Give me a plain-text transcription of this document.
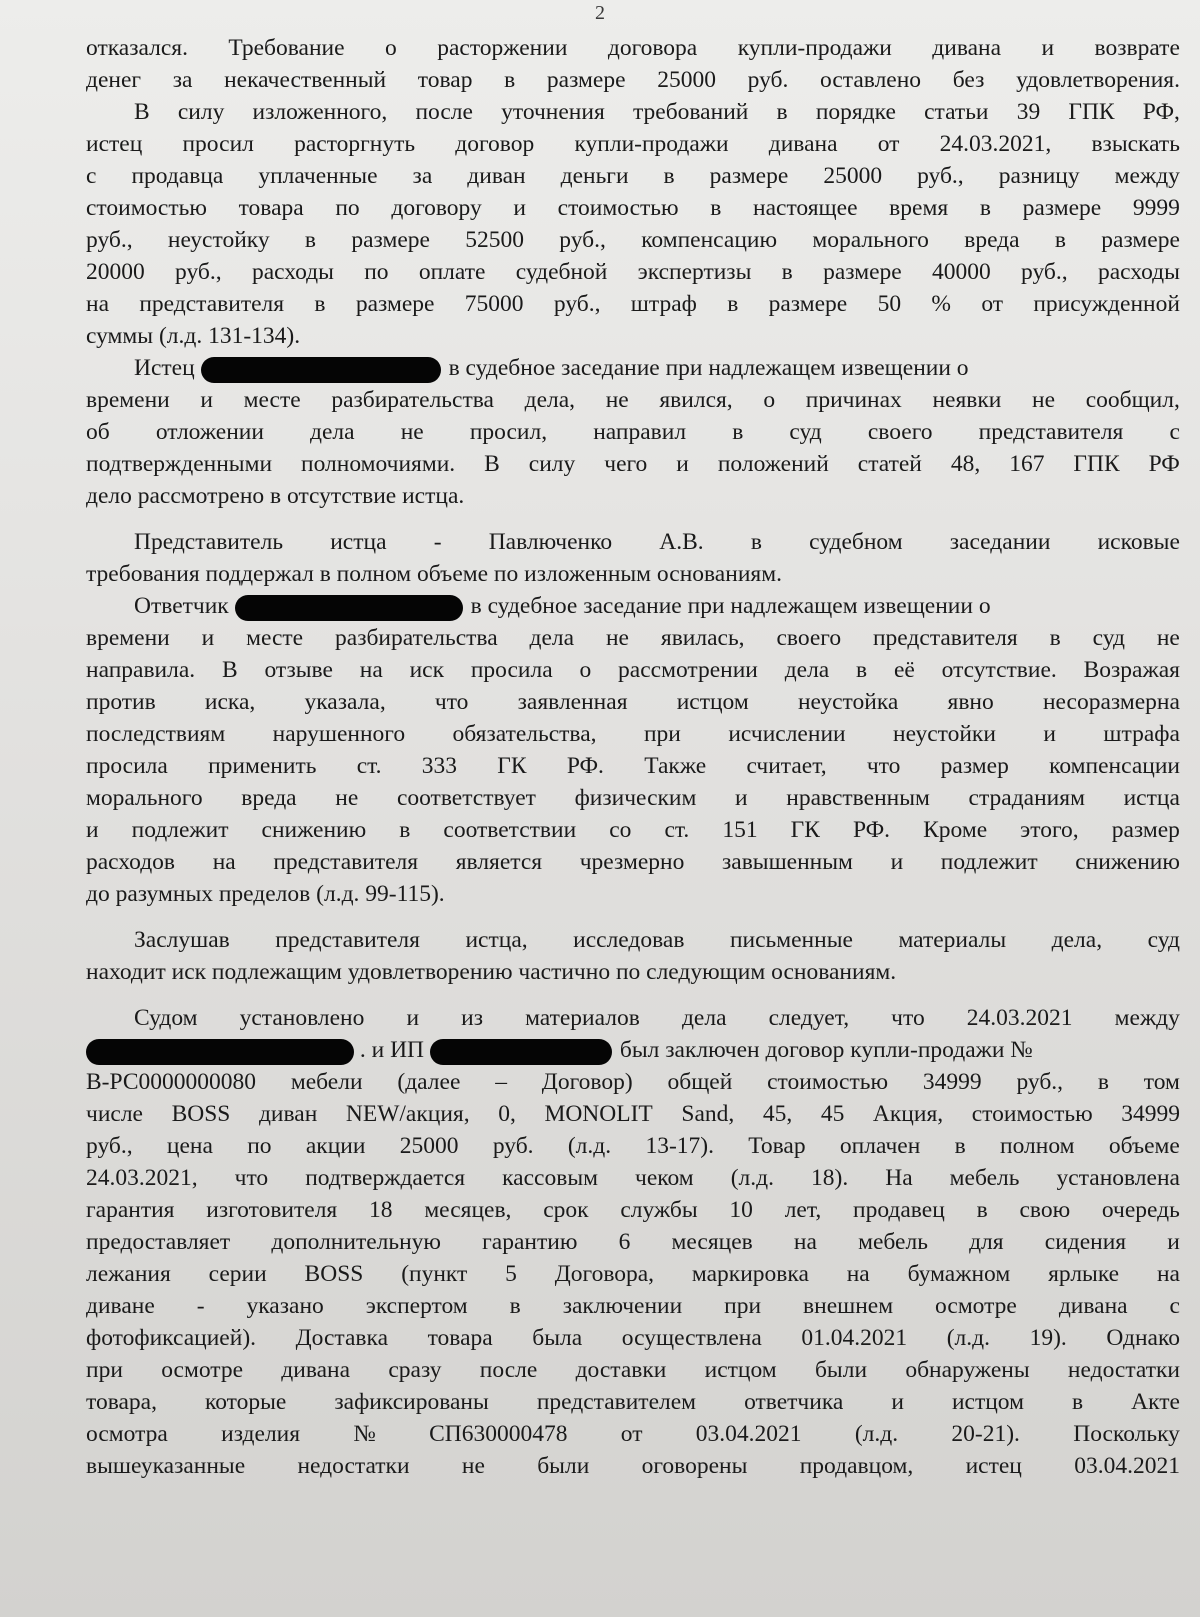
2
отказался. Требование о расторжении договора купли-продажи дивана и возврате
денег за некачественный товар в размере 25000 руб. оставлено без удовлетворения.
В силу изложенного, после уточнения требований в порядке статьи 39 ГПК РФ,
истец просил расторгнуть договор купли-продажи дивана от 24.03.2021, взыскать
с продавца уплаченные за диван деньги в размере 25000 руб., разницу между
стоимостью товара по договору и стоимостью в настоящее время в размере 9999
руб., неустойку в размере 52500 руб., компенсацию морального вреда в размере
20000 руб., расходы по оплате судебной экспертизы в размере 40000 руб., расходы
на представителя в размере 75000 руб., штраф в размере 50 % от присужденной
суммы (л.д. 131-134).
Истец	в судебное заседание при надлежащем извещении о
времени и месте разбирательства дела, не явился, о причинах неявки не сообщил,
об отложении дела не просил, направил в суд своего представителя с
подтвержденными полномочиями. В силу чего и положений статей 48, 167 ГПК РФ
дело рассмотрено в отсутствие истца.
Представитель истца - Павлюченко А.В. в судебном заседании исковые
требования поддержал в полном объеме по изложенным основаниям.
Ответчик	в судебное заседание при надлежащем извещении о
времени и месте разбирательства дела не явилась, своего представителя в суд не
направила. В отзыве на иск просила о рассмотрении дела в её отсутствие. Возражая
против иска, указала, что заявленная истцом неустойка явно несоразмерна
последствиям нарушенного обязательства, при исчислении неустойки и штрафа
просила применить ст. 333 ГК РФ. Также считает, что размер компенсации
морального вреда не соответствует физическим и нравственным страданиям истца
и подлежит снижению в соответствии со ст. 151 ГК РФ. Кроме этого, размер
расходов на представителя является чрезмерно завышенным и подлежит снижению
до разумных пределов (л.д. 99-115).
Заслушав представителя истца, исследовав письменные материалы дела, суд
находит иск подлежащим удовлетворению частично по следующим основаниям.
Судом установлено и из материалов дела следует, что 24.03.2021 между
. и ИП	был заключен договор купли-продажи №
В-РС0000000080 мебели (далее – Договор) общей стоимостью 34999 руб., в том
числе BOSS диван NEW/акция, 0, MONOLIT Sand, 45, 45 Акция, стоимостью 34999
руб., цена по акции 25000 руб. (л.д. 13-17). Товар оплачен в полном объеме
24.03.2021, что подтверждается кассовым чеком (л.д. 18). На мебель установлена
гарантия изготовителя 18 месяцев, срок службы 10 лет, продавец в свою очередь
предоставляет дополнительную гарантию 6 месяцев на мебель для сидения и
лежания серии BOSS (пункт 5 Договора, маркировка на бумажном ярлыке на
диване - указано экспертом в заключении при внешнем осмотре дивана с
фотофиксацией). Доставка товара была осуществлена 01.04.2021 (л.д. 19). Однако
при осмотре дивана сразу после доставки истцом были обнаружены недостатки
товара, которые зафиксированы представителем ответчика и истцом в Акте
осмотра изделия № СП630000478 от 03.04.2021 (л.д. 20-21). Поскольку
вышеуказанные недостатки не были оговорены продавцом, истец 03.04.2021
